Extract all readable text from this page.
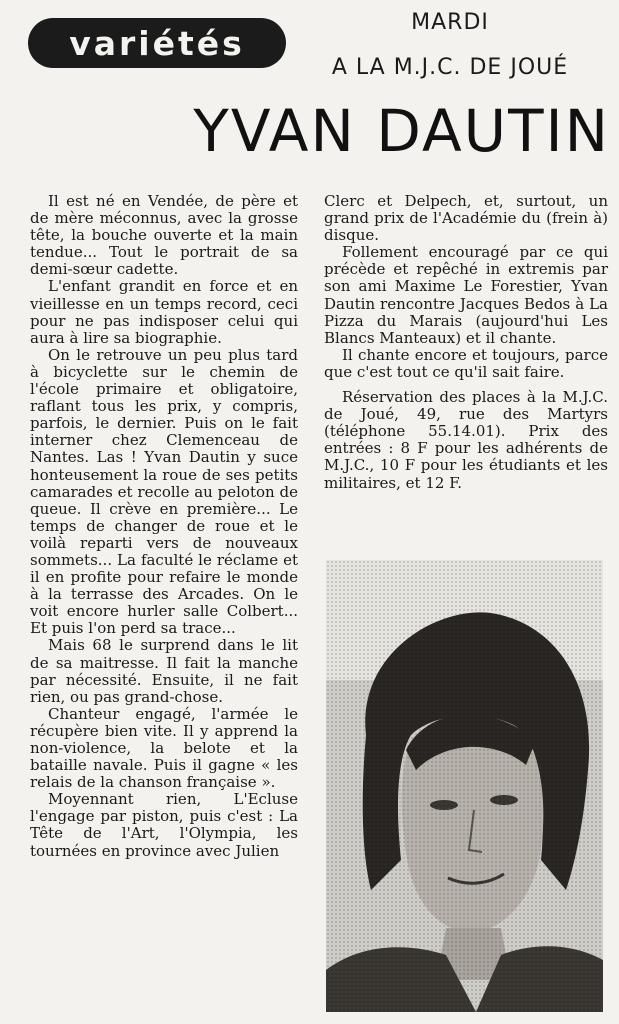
variétés
MARDI
A LA M.J.C. DE JOUÉ
YVAN DAUTIN

Il est né en Vendée, de père et de mère méconnus, avec la grosse tête, la bouche ouverte et la main tendue... Tout le portrait de sa demi-sœur cadette.

L'enfant grandit en force et en vieillesse en un temps record, ceci pour ne pas indisposer celui qui aura à lire sa biographie.

On le retrouve un peu plus tard à bicyclette sur le chemin de l'école primaire et obligatoire, raflant tous les prix, y compris, parfois, le dernier. Puis on le fait interner chez Clemenceau de Nantes. Las ! Yvan Dautin y suce honteusement la roue de ses petits camarades et recolle au peloton de queue. Il crève en première... Le temps de changer de roue et le voilà reparti vers de nouveaux sommets... La faculté le réclame et il en profite pour refaire le monde à la terrasse des Arcades. On le voit encore hurler salle Colbert... Et puis l'on perd sa trace...

Mais 68 le surprend dans le lit de sa maitresse. Il fait la manche par nécessité. Ensuite, il ne fait rien, ou pas grand-chose.

Chanteur engagé, l'armée le récupère bien vite. Il y apprend la non-violence, la belote et la bataille navale. Puis il gagne « les relais de la chanson française ».

Moyennant rien, L'Ecluse l'engage par piston, puis c'est : La Tête de l'Art, l'Olympia, les tournées en province avec Julien

Clerc et Delpech, et, surtout, un grand prix de l'Académie du (frein à) disque.

Follement encouragé par ce qui précède et repêché in extremis par son ami Maxime Le Forestier, Yvan Dautin rencontre Jacques Bedos à La Pizza du Marais (aujourd'hui Les Blancs Manteaux) et il chante.

Il chante encore et toujours, parce que c'est tout ce qu'il sait faire.

Réservation des places à la M.J.C. de Joué, 49, rue des Martyrs (téléphone 55.14.01). Prix des entrées : 8 F pour les adhérents de M.J.C., 10 F pour les étudiants et les militaires, et 12 F.
